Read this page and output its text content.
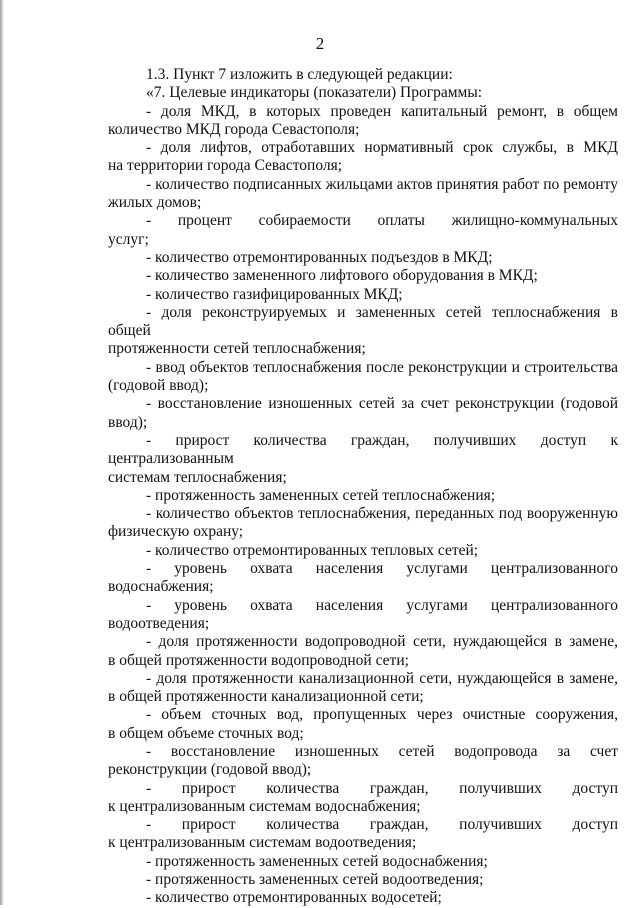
2

1.3. Пункт 7 изложить в следующей редакции:

«7. Целевые индикаторы (показатели) Программы:

- доля МКД, в которых проведен капитальный ремонт, в общем

количество МКД города Севастополя;

- доля лифтов, отработавших нормативный срок службы, в МКД

на территории города Севастополя;

- количество подписанных жильцами актов принятия работ по ремонту

жилых домов;

- процент собираемости оплаты жилищно-коммунальных

услуг;

- количество отремонтированных подъездов в МКД;

- количество замененного лифтового оборудования в МКД;

- количество газифицированных МКД;

- доля реконструируемых и замененных сетей теплоснабжения в общей

протяженности сетей теплоснабжения;

- ввод объектов теплоснабжения после реконструкции и строительства

(годовой ввод);

- восстановление изношенных сетей за счет реконструкции (годовой

ввод);

- прирост количества граждан, получивших доступ к централизованным

системам теплоснабжения;

- протяженность замененных сетей теплоснабжения;

- количество объектов теплоснабжения, переданных под вооруженную

физическую охрану;

- количество отремонтированных тепловых сетей;

- уровень охвата населения услугами централизованного

водоснабжения;

- уровень охвата населения услугами централизованного

водоотведения;

- доля протяженности водопроводной сети, нуждающейся в замене,

в общей протяженности водопроводной сети;

- доля протяженности канализационной сети, нуждающейся в замене,

в общей протяженности канализационной сети;

- объем сточных вод, пропущенных через очистные сооружения,

в общем объеме сточных вод;

- восстановление изношенных сетей водопровода за счет

реконструкции (годовой ввод);

- прирост количества граждан, получивших доступ

к централизованным системам водоснабжения;

- прирост количества граждан, получивших доступ

к централизованным системам водоотведения;

- протяженность замененных сетей водоснабжения;

- протяженность замененных сетей водоотведения;

- количество отремонтированных водосетей;
